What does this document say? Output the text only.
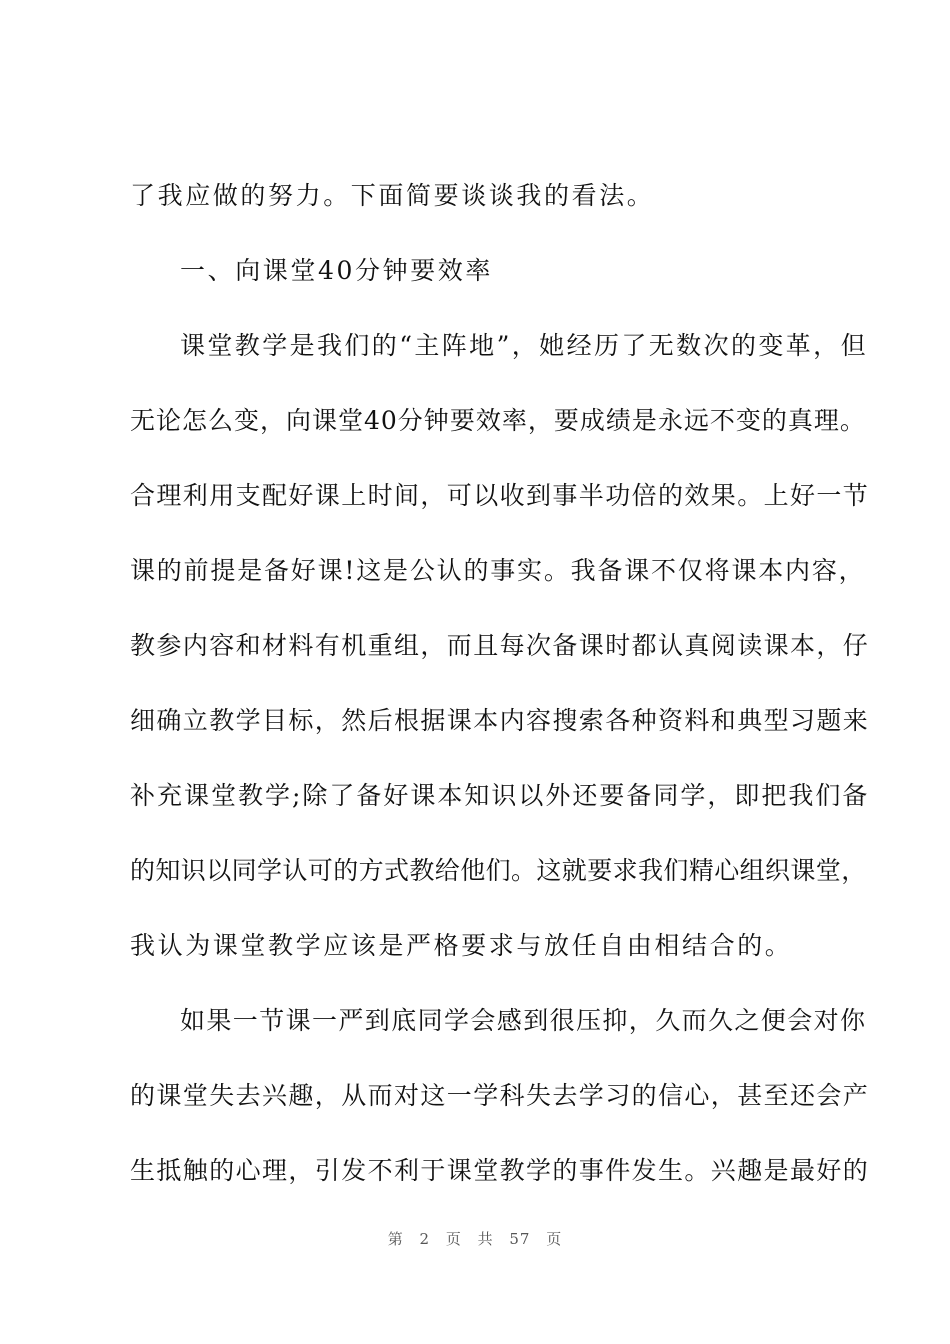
了我应做的努力。下面简要谈谈我的看法。
一、向课堂40分钟要效率
课堂教学是我们的“主阵地”，她经历了无数次的变革，但
无论怎么变，向课堂40分钟要效率，要成绩是永远不变的真理。
合理利用支配好课上时间，可以收到事半功倍的效果。上好一节
课的前提是备好课!这是公认的事实。我备课不仅将课本内容，
教参内容和材料有机重组，而且每次备课时都认真阅读课本，仔
细确立教学目标，然后根据课本内容搜索各种资料和典型习题来
补充课堂教学;除了备好课本知识以外还要备同学，即把我们备
的知识以同学认可的方式教给他们。这就要求我们精心组织课堂，
我认为课堂教学应该是严格要求与放任自由相结合的。
如果一节课一严到底同学会感到很压抑，久而久之便会对你
的课堂失去兴趣，从而对这一学科失去学习的信心，甚至还会产
生抵触的心理，引发不利于课堂教学的事件发生。兴趣是最好的
第 2 页 共 57 页
